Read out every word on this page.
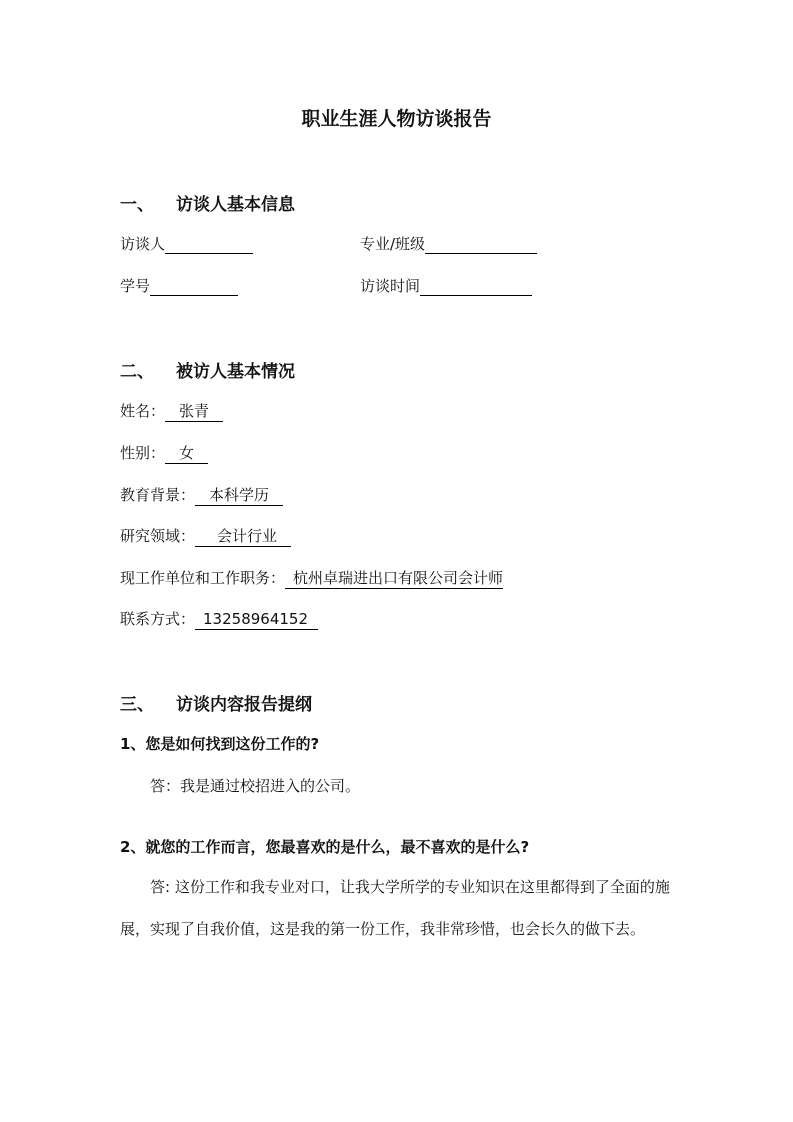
职业生涯人物访谈报告
一、 访谈人基本信息
访谈人	专业/班级
学号	访谈时间
二、 被访人基本情况
姓名： 张青
性别： 女
教育背景： 本科学历
研究领域： 会计行业
现工作单位和工作职务： 杭州卓瑞进出口有限公司会计师
联系方式： 13258964152
三、 访谈内容报告提纲
1、您是如何找到这份工作的?
答：我是通过校招进入的公司。
2、就您的工作而言，您最喜欢的是什么，最不喜欢的是什么?
答: 这份工作和我专业对口，让我大学所学的专业知识在这里都得到了全面的施展，实现了自我价值，这是我的第一份工作，我非常珍惜，也会长久的做下去。
